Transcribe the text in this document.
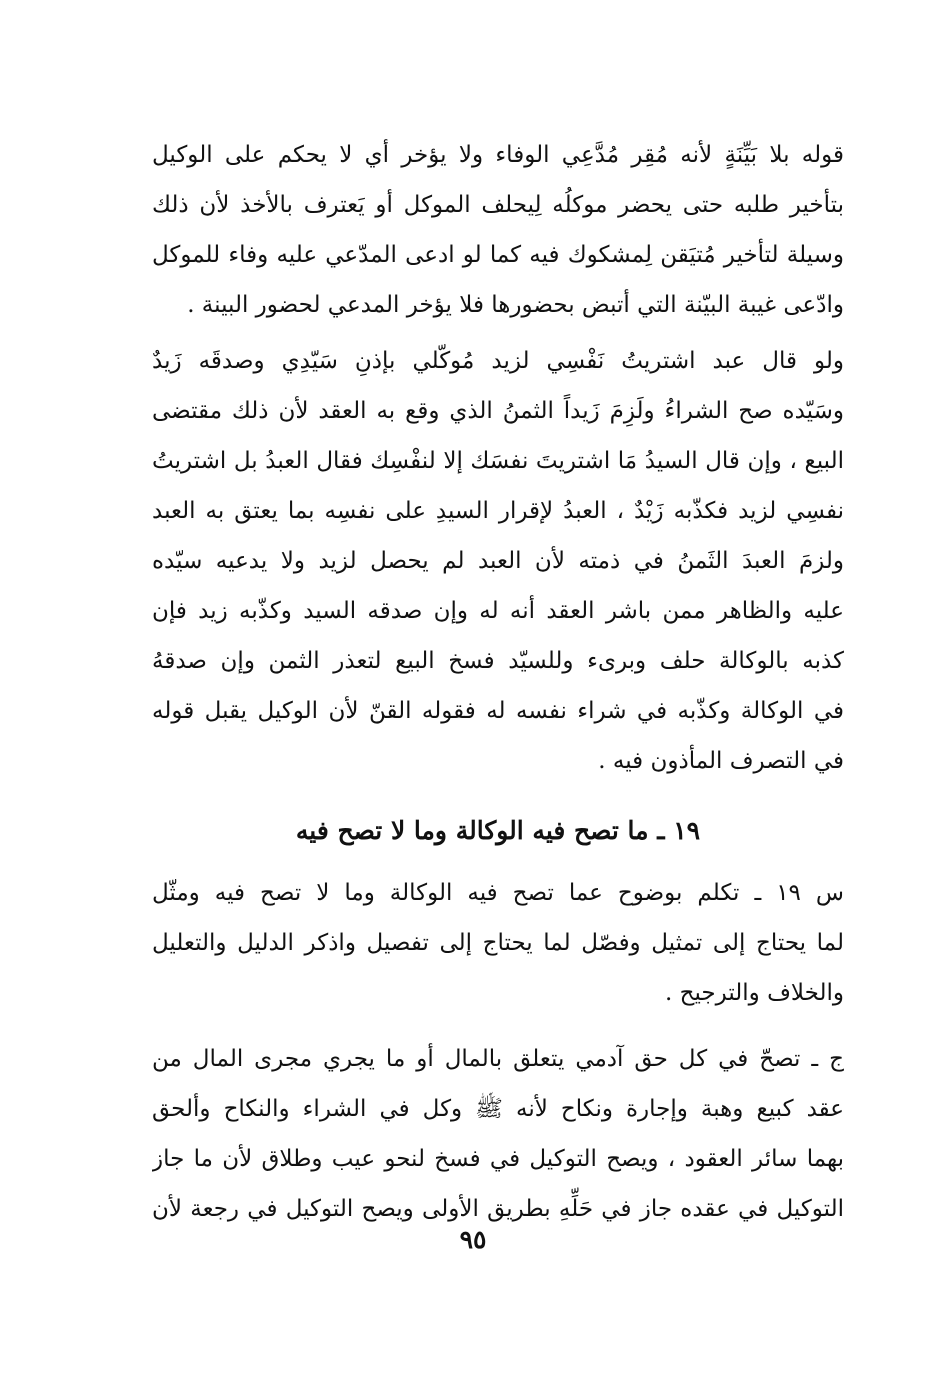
قوله بلا بَيِّنَةٍ لأنه مُقِر مُدَّعِي الوفاء ولا يؤخر أي لا يحكم على الوكيل
بتأخير طلبه حتى يحضر موكلُه لِيحلف الموكل أو يَعترف بالأخذ لأن ذلك
وسيلة لتأخير مُتيَقن لِمشكوك فيه كما لو ادعى المدّعي عليه وفاء للموكل
وادّعى غيبة البيّنة التي أتبض بحضورها فلا يؤخر المدعي لحضور البينة .
ولو قال عبد اشتريتُ نَفْسِي لزيد مُوكّلي بإذنِ سَيّدِي وصدقَه زَيدٌ
وسَيّده صح الشراءُ ولَزِمَ زَيداً الثمنُ الذي وقع به العقد لأن ذلك مقتضى
البيع ، وإن قال السيدُ مَا اشتريتَ نفسَك إلا لنفْسِك فقال العبدُ بل اشتريتُ
نفسِي لزيد فكذّبه زَيْدٌ ، العبدُ لإقرار السيدِ على نفسِه بما يعتق به العبد
ولزمَ العبدَ الثَمنُ في ذمته لأن العبد لم يحصل لزيد ولا يدعيه سيّده
عليه والظاهر ممن باشر العقد أنه له وإن صدقه السيد وكذّبه زيد فإن
كذبه بالوكالة حلف وبرىء وللسيّد فسخ البيع لتعذر الثمن وإن صدقهُ
في الوكالة وكذّبه في شراء نفسه له فقوله القنّ لأن الوكيل يقبل قوله
في التصرف المأذون فيه .
١٩ ـ ما تصح فيه الوكالة وما لا تصح فيه
س ١٩ ـ تكلم بوضوح عما تصح فيه الوكالة وما لا تصح فيه ومثّل
لما يحتاج إلى تمثيل وفصّل لما يحتاج إلى تفصيل واذكر الدليل والتعليل
والخلاف والترجيح .
ج ـ تصحّ في كل حق آدمي يتعلق بالمال أو ما يجري مجرى المال من
عقد كبيع وهبة وإجارة ونكاح لأنه ﷺ وكل في الشراء والنكاح وألحق
بهما سائر العقود ، ويصح التوكيل في فسخ لنحو عيب وطلاق لأن ما جاز
التوكيل في عقده جاز في حَلِّهِ بطريق الأولى ويصح التوكيل في رجعة لأن
٩٥
